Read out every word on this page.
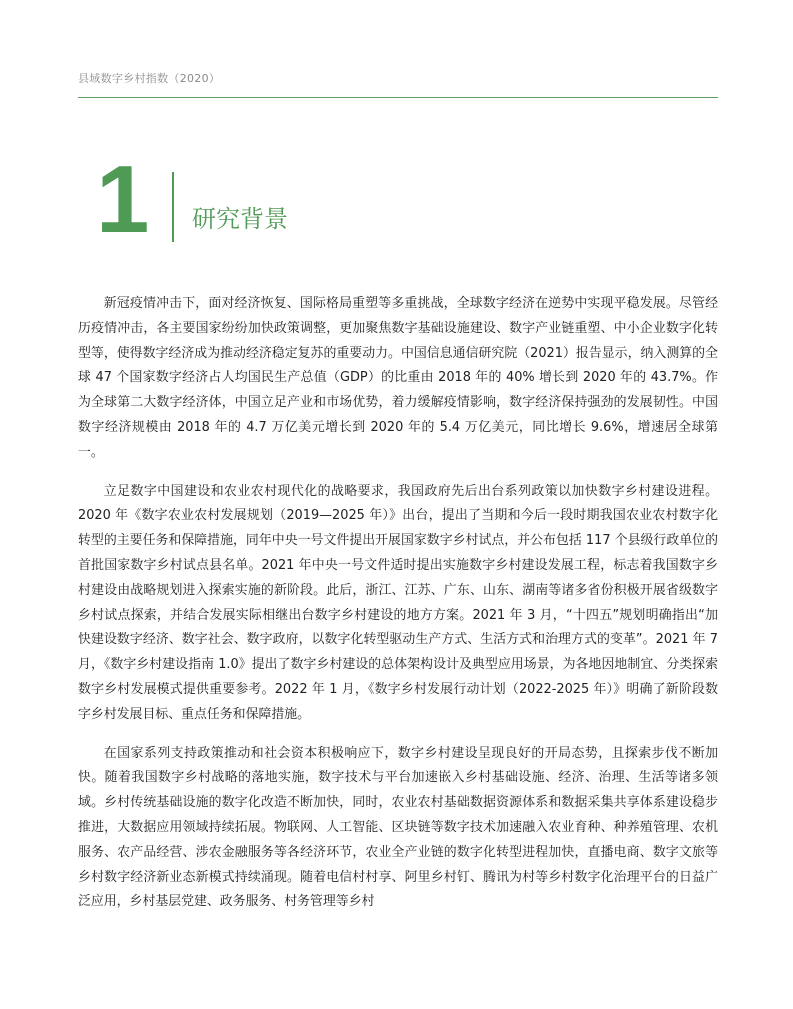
县域数字乡村指数（2020）
1 研究背景

新冠疫情冲击下，面对经济恢复、国际格局重塑等多重挑战，全球数字经济在逆势中实现平稳发展。尽管经历疫情冲击，各主要国家纷纷加快政策调整，更加聚焦数字基础设施建设、数字产业链重塑、中小企业数字化转型等，使得数字经济成为推动经济稳定复苏的重要动力。中国信息通信研究院（2021）报告显示，纳入测算的全球 47 个国家数字经济占人均国民生产总值（GDP）的比重由 2018 年的 40% 增长到 2020 年的 43.7%。作为全球第二大数字经济体，中国立足产业和市场优势，着力缓解疫情影响，数字经济保持强劲的发展韧性。中国数字经济规模由 2018 年的 4.7 万亿美元增长到 2020 年的 5.4 万亿美元，同比增长 9.6%，增速居全球第一。

立足数字中国建设和农业农村现代化的战略要求，我国政府先后出台系列政策以加快数字乡村建设进程。2020 年《数字农业农村发展规划（2019—2025 年）》出台，提出了当期和今后一段时期我国农业农村数字化转型的主要任务和保障措施，同年中央一号文件提出开展国家数字乡村试点，并公布包括 117 个县级行政单位的首批国家数字乡村试点县名单。2021 年中央一号文件适时提出实施数字乡村建设发展工程，标志着我国数字乡村建设由战略规划进入探索实施的新阶段。此后，浙江、江苏、广东、山东、湖南等诸多省份积极开展省级数字乡村试点探索，并结合发展实际相继出台数字乡村建设的地方方案。2021 年 3 月，“十四五”规划明确指出“加快建设数字经济、数字社会、数字政府，以数字化转型驱动生产方式、生活方式和治理方式的变革”。2021 年 7 月，《数字乡村建设指南 1.0》提出了数字乡村建设的总体架构设计及典型应用场景，为各地因地制宜、分类探索数字乡村发展模式提供重要参考。2022 年 1 月，《数字乡村发展行动计划（2022-2025 年）》明确了新阶段数字乡村发展目标、重点任务和保障措施。

在国家系列支持政策推动和社会资本积极响应下，数字乡村建设呈现良好的开局态势，且探索步伐不断加快。随着我国数字乡村战略的落地实施，数字技术与平台加速嵌入乡村基础设施、经济、治理、生活等诸多领域。乡村传统基础设施的数字化改造不断加快，同时，农业农村基础数据资源体系和数据采集共享体系建设稳步推进，大数据应用领域持续拓展。物联网、人工智能、区块链等数字技术加速融入农业育种、种养殖管理、农机服务、农产品经营、涉农金融服务等各经济环节，农业全产业链的数字化转型进程加快，直播电商、数字文旅等乡村数字经济新业态新模式持续涌现。随着电信村村享、阿里乡村钉、腾讯为村等乡村数字化治理平台的日益广泛应用，乡村基层党建、政务服务、村务管理等乡村
